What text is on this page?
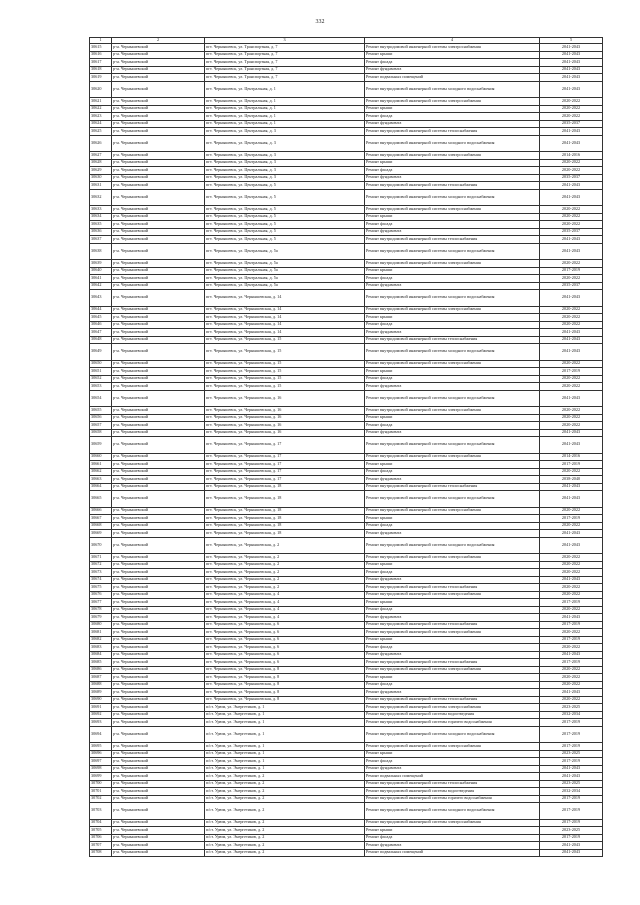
332
1	2	3	4	5
30615	р-н. Чернышевский	пгт. Чернышевск, ул. Транспортная, д. 7	Ремонт внутридомовой инженерной системы электроснабжения	2041-2043
30616	р-н. Чернышевский	пгт. Чернышевск, ул. Транспортная, д. 7	Ремонт крыши	2041-2043
30617	р-н. Чернышевский	пгт. Чернышевск, ул. Транспортная, д. 7	Ремонт фасада	2041-2043
30618	р-н. Чернышевский	пгт. Чернышевск, ул. Транспортная, д. 7	Ремонт фундамента	2041-2043
30619	р-н. Чернышевский	пгт. Чернышевск, ул. Транспортная, д. 7	Ремонт подвальных помещений	2041-2043
30620	р-н. Чернышевский	пгт. Чернышевск, ул. Центральная, д. 1	Ремонт внутридомовой инженерной системы холодного водоснабжения	2041-2043
30621	р-н. Чернышевский	пгт. Чернышевск, ул. Центральная, д. 1	Ремонт внутридомовой инженерной системы электроснабжения	2020-2022
30622	р-н. Чернышевский	пгт. Чернышевск, ул. Центральная, д. 1	Ремонт крыши	2020-2022
30623	р-н. Чернышевский	пгт. Чернышевск, ул. Центральная, д. 1	Ремонт фасада	2020-2022
30624	р-н. Чернышевский	пгт. Чернышевск, ул. Центральная, д. 1	Ремонт фундамента	2035-2037
30625	р-н. Чернышевский	пгт. Чернышевск, ул. Центральная, д. 3	Ремонт внутридомовой инженерной системы теплоснабжения	2041-2043
30626	р-н. Чернышевский	пгт. Чернышевск, ул. Центральная, д. 3	Ремонт внутридомовой инженерной системы холодного водоснабжения	2041-2043
30627	р-н. Чернышевский	пгт. Чернышевск, ул. Центральная, д. 3	Ремонт внутридомовой инженерной системы электроснабжения	2014-2016
30628	р-н. Чернышевский	пгт. Чернышевск, ул. Центральная, д. 3	Ремонт крыши	2020-2022
30629	р-н. Чернышевский	пгт. Чернышевск, ул. Центральная, д. 3	Ремонт фасада	2020-2022
30630	р-н. Чернышевский	пгт. Чернышевск, ул. Центральная, д. 3	Ремонт фундамента	2035-2037
30631	р-н. Чернышевский	пгт. Чернышевск, ул. Центральная, д. 5	Ремонт внутридомовой инженерной системы теплоснабжения	2041-2043
30632	р-н. Чернышевский	пгт. Чернышевск, ул. Центральная, д. 5	Ремонт внутридомовой инженерной системы холодного водоснабжения	2041-2043
30633	р-н. Чернышевский	пгт. Чернышевск, ул. Центральная, д. 5	Ремонт внутридомовой инженерной системы электроснабжения	2020-2022
30634	р-н. Чернышевский	пгт. Чернышевск, ул. Центральная, д. 5	Ремонт крыши	2020-2022
30635	р-н. Чернышевский	пгт. Чернышевск, ул. Центральная, д. 5	Ремонт фасада	2020-2022
30636	р-н. Чернышевский	пгт. Чернышевск, ул. Центральная, д. 5	Ремонт фундамента	2035-2037
30637	р-н. Чернышевский	пгт. Чернышевск, ул. Центральная, д. 5	Ремонт внутридомовой инженерной системы теплоснабжения	2041-2043
30638	р-н. Чернышевский	пгт. Чернышевск, ул. Центральная, д. 5а	Ремонт внутридомовой инженерной системы холодного водоснабжения	2041-2043
30639	р-н. Чернышевский	пгт. Чернышевск, ул. Центральная, д. 5а	Ремонт внутридомовой инженерной системы электроснабжения	2020-2022
30640	р-н. Чернышевский	пгт. Чернышевск, ул. Центральная, д. 5а	Ремонт крыши	2017-2019
30641	р-н. Чернышевский	пгт. Чернышевск, ул. Центральная, д. 5а	Ремонт фасада	2020-2022
30642	р-н. Чернышевский	пгт. Чернышевск, ул. Центральная, д. 5а	Ремонт фундамента	2035-2037
30643	р-н. Чернышевский	пгт. Чернышевск, ул. Чернышевская, д. 14	Ремонт внутридомовой инженерной системы холодного водоснабжения	2041-2043
30644	р-н. Чернышевский	пгт. Чернышевск, ул. Чернышевская, д. 14	Ремонт внутридомовой инженерной системы электроснабжения	2020-2022
30645	р-н. Чернышевский	пгт. Чернышевск, ул. Чернышевская, д. 14	Ремонт крыши	2020-2022
30646	р-н. Чернышевский	пгт. Чернышевск, ул. Чернышевская, д. 14	Ремонт фасада	2020-2022
30647	р-н. Чернышевский	пгт. Чернышевск, ул. Чернышевская, д. 14	Ремонт фундамента	2041-2043
30648	р-н. Чернышевский	пгт. Чернышевск, ул. Чернышевская, д. 15	Ремонт внутридомовой инженерной системы теплоснабжения	2041-2043
30649	р-н. Чернышевский	пгт. Чернышевск, ул. Чернышевская, д. 15	Ремонт внутридомовой инженерной системы холодного водоснабжения	2041-2043
30650	р-н. Чернышевский	пгт. Чернышевск, ул. Чернышевская, д. 15	Ремонт внутридомовой инженерной системы электроснабжения	2020-2022
30651	р-н. Чернышевский	пгт. Чернышевск, ул. Чернышевская, д. 15	Ремонт крыши	2017-2019
30652	р-н. Чернышевский	пгт. Чернышевск, ул. Чернышевская, д. 15	Ремонт фасада	2020-2022
30653	р-н. Чернышевский	пгт. Чернышевск, ул. Чернышевская, д. 15	Ремонт фундамента	2020-2022
30654	р-н. Чернышевский	пгт. Чернышевск, ул. Чернышевская, д. 16	Ремонт внутридомовой инженерной системы холодного водоснабжения	2041-2043
30655	р-н. Чернышевский	пгт. Чернышевск, ул. Чернышевская, д. 16	Ремонт внутридомовой инженерной системы электроснабжения	2020-2022
30656	р-н. Чернышевский	пгт. Чернышевск, ул. Чернышевская, д. 16	Ремонт крыши	2020-2022
30657	р-н. Чернышевский	пгт. Чернышевск, ул. Чернышевская, д. 16	Ремонт фасада	2020-2022
30658	р-н. Чернышевский	пгт. Чернышевск, ул. Чернышевская, д. 16	Ремонт фундамента	2041-2043
30659	р-н. Чернышевский	пгт. Чернышевск, ул. Чернышевская, д. 17	Ремонт внутридомовой инженерной системы холодного водоснабжения	2041-2043
30660	р-н. Чернышевский	пгт. Чернышевск, ул. Чернышевская, д. 17	Ремонт внутридомовой инженерной системы электроснабжения	2014-2016
30661	р-н. Чернышевский	пгт. Чернышевск, ул. Чернышевская, д. 17	Ремонт крыши	2017-2019
30662	р-н. Чернышевский	пгт. Чернышевск, ул. Чернышевская, д. 17	Ремонт фасада	2020-2022
30663	р-н. Чернышевский	пгт. Чернышевск, ул. Чернышевская, д. 17	Ремонт фундамента	2038-2040
30664	р-н. Чернышевский	пгт. Чернышевск, ул. Чернышевская, д. 18	Ремонт внутридомовой инженерной системы теплоснабжения	2041-2043
30665	р-н. Чернышевский	пгт. Чернышевск, ул. Чернышевская, д. 18	Ремонт внутридомовой инженерной системы холодного водоснабжения	2041-2043
30666	р-н. Чернышевский	пгт. Чернышевск, ул. Чернышевская, д. 18	Ремонт внутридомовой инженерной системы электроснабжения	2020-2022
30667	р-н. Чернышевский	пгт. Чернышевск, ул. Чернышевская, д. 18	Ремонт крыши	2017-2019
30668	р-н. Чернышевский	пгт. Чернышевск, ул. Чернышевская, д. 18	Ремонт фасада	2020-2022
30669	р-н. Чернышевский	пгт. Чернышевск, ул. Чернышевская, д. 18	Ремонт фундамента	2041-2043
30670	р-н. Чернышевский	пгт. Чернышевск, ул. Чернышевская, д. 2	Ремонт внутридомовой инженерной системы холодного водоснабжения	2041-2043
30671	р-н. Чернышевский	пгт. Чернышевск, ул. Чернышевская, д. 2	Ремонт внутридомовой инженерной системы электроснабжения	2020-2022
30672	р-н. Чернышевский	пгт. Чернышевск, ул. Чернышевская, д. 2	Ремонт крыши	2020-2022
30673	р-н. Чернышевский	пгт. Чернышевск, ул. Чернышевская, д. 2	Ремонт фасада	2020-2022
30674	р-н. Чернышевский	пгт. Чернышевск, ул. Чернышевская, д. 2	Ремонт фундамента	2041-2043
30675	р-н. Чернышевский	пгт. Чернышевск, ул. Чернышевская, д. 2	Ремонт внутридомовой инженерной системы теплоснабжения	2020-2022
30676	р-н. Чернышевский	пгт. Чернышевск, ул. Чернышевская, д. 4	Ремонт внутридомовой инженерной системы электроснабжения	2020-2022
30677	р-н. Чернышевский	пгт. Чернышевск, ул. Чернышевская, д. 4	Ремонт крыши	2017-2019
30678	р-н. Чернышевский	пгт. Чернышевск, ул. Чернышевская, д. 4	Ремонт фасада	2020-2022
30679	р-н. Чернышевский	пгт. Чернышевск, ул. Чернышевская, д. 4	Ремонт фундамента	2041-2043
30680	р-н. Чернышевский	пгт. Чернышевск, ул. Чернышевская, д. 6	Ремонт внутридомовой инженерной системы теплоснабжения	2017-2019
30681	р-н. Чернышевский	пгт. Чернышевск, ул. Чернышевская, д. 6	Ремонт внутридомовой инженерной системы электроснабжения	2020-2022
30682	р-н. Чернышевский	пгт. Чернышевск, ул. Чернышевская, д. 6	Ремонт крыши	2017-2019
30683	р-н. Чернышевский	пгт. Чернышевск, ул. Чернышевская, д. 6	Ремонт фасада	2020-2022
30684	р-н. Чернышевский	пгт. Чернышевск, ул. Чернышевская, д. 6	Ремонт фундамента	2041-2043
30685	р-н. Чернышевский	пгт. Чернышевск, ул. Чернышевская, д. 6	Ремонт внутридомовой инженерной системы теплоснабжения	2017-2019
30686	р-н. Чернышевский	пгт. Чернышевск, ул. Чернышевская, д. 8	Ремонт внутридомовой инженерной системы электроснабжения	2020-2022
30687	р-н. Чернышевский	пгт. Чернышевск, ул. Чернышевская, д. 8	Ремонт крыши	2020-2022
30688	р-н. Чернышевский	пгт. Чернышевск, ул. Чернышевская, д. 8	Ремонт фасада	2020-2022
30689	р-н. Чернышевский	пгт. Чернышевск, ул. Чернышевская, д. 8	Ремонт фундамента	2041-2043
30690	р-н. Чернышевский	пгт. Чернышевск, ул. Чернышевская, д. 8	Ремонт внутридомовой инженерной системы теплоснабжения	2020-2022
30691	р-н. Чернышевский	п/ст. Урюм, ул. Энергетиков, д. 1	Ремонт внутридомовой инженерной системы электроснабжения	2023-2025
30692	р-н. Чернышевский	п/ст. Урюм, ул. Энергетиков, д. 1	Ремонт внутридомовой инженерной системы водоотведения	2032-2034
30693	р-н. Чернышевский	п/ст. Урюм, ул. Энергетиков, д. 1	Ремонт внутридомовой инженерной системы горячего водоснабжения	2017-2019
30694	р-н. Чернышевский	п/ст. Урюм, ул. Энергетиков, д. 1	Ремонт внутридомовой инженерной системы холодного водоснабжения	2017-2019
30695	р-н. Чернышевский	п/ст. Урюм, ул. Энергетиков, д. 1	Ремонт внутридомовой инженерной системы электроснабжения	2017-2019
30696	р-н. Чернышевский	п/ст. Урюм, ул. Энергетиков, д. 1	Ремонт крыши	2023-2025
30697	р-н. Чернышевский	п/ст. Урюм, ул. Энергетиков, д. 1	Ремонт фасада	2017-2019
30698	р-н. Чернышевский	п/ст. Урюм, ул. Энергетиков, д. 1	Ремонт фундамента	2041-2043
30699	р-н. Чернышевский	п/ст. Урюм, ул. Энергетиков, д. 2	Ремонт подвальных помещений	2041-2043
30700	р-н. Чернышевский	п/ст. Урюм, ул. Энергетиков, д. 2	Ремонт внутридомовой инженерной системы теплоснабжения	2023-2025
30701	р-н. Чернышевский	п/ст. Урюм, ул. Энергетиков, д. 2	Ремонт внутридомовой инженерной системы водоотведения	2032-2034
30702	р-н. Чернышевский	п/ст. Урюм, ул. Энергетиков, д. 2	Ремонт внутридомовой инженерной системы горячего водоснабжения	2017-2019
30703	р-н. Чернышевский	п/ст. Урюм, ул. Энергетиков, д. 2	Ремонт внутридомовой инженерной системы холодного водоснабжения	2017-2019
30704	р-н. Чернышевский	п/ст. Урюм, ул. Энергетиков, д. 2	Ремонт внутридомовой инженерной системы электроснабжения	2017-2019
30705	р-н. Чернышевский	п/ст. Урюм, ул. Энергетиков, д. 2	Ремонт крыши	2023-2025
30706	р-н. Чернышевский	п/ст. Урюм, ул. Энергетиков, д. 2	Ремонт фасада	2017-2019
30707	р-н. Чернышевский	п/ст. Урюм, ул. Энергетиков, д. 2	Ремонт фундамента	2041-2043
30708	р-н. Чернышевский	п/ст. Урюм, ул. Энергетиков, д. 2	Ремонт подвальных помещений	2041-2043
